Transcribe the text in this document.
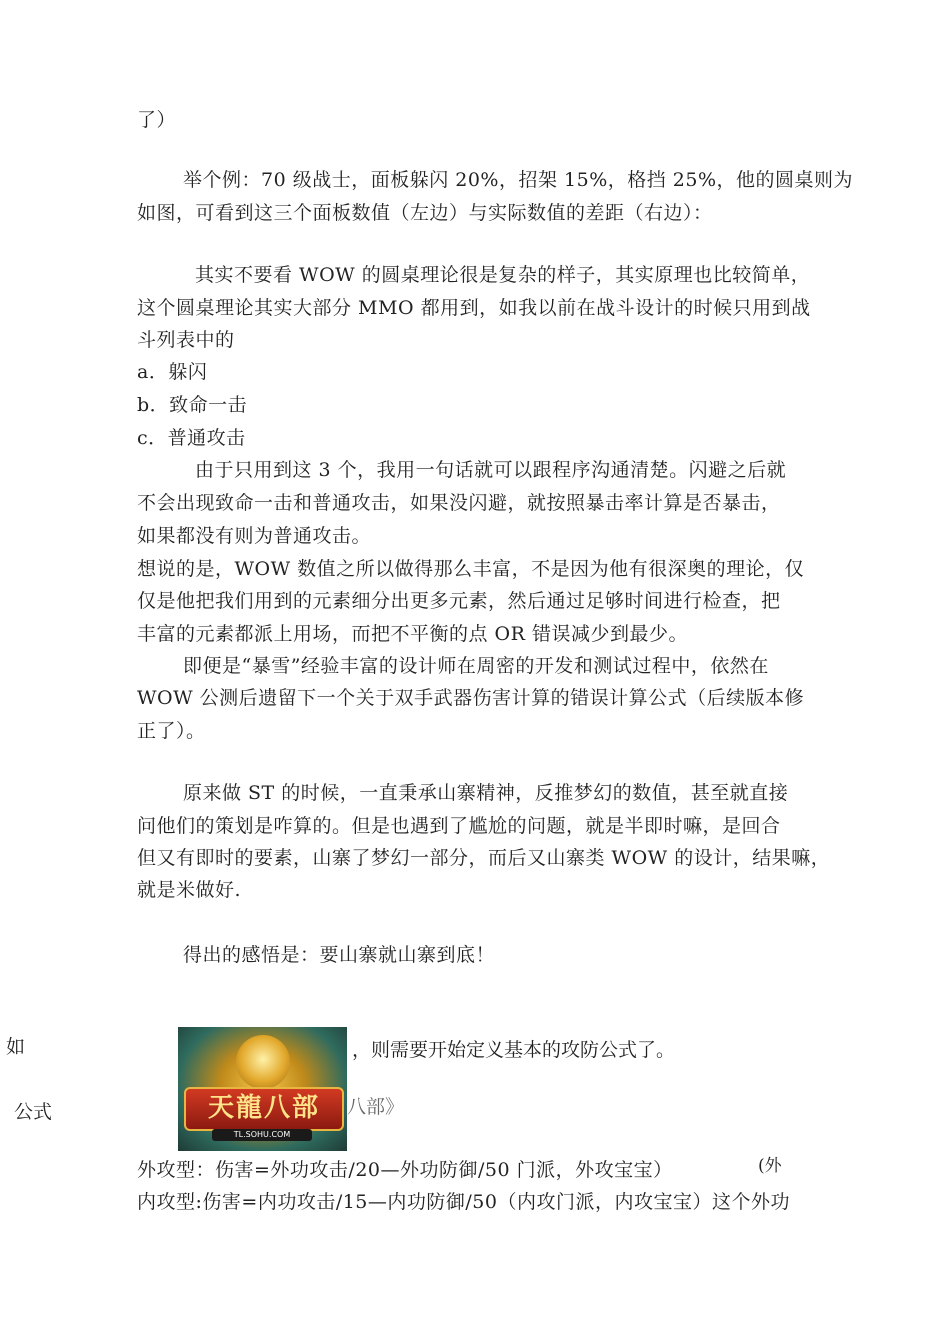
了）
举个例：70 级战士，面板躲闪 20%，招架 15%，格挡 25%，他的圆桌则为
如图，可看到这三个面板数值（左边）与实际数值的差距（右边）：
其实不要看 WOW 的圆桌理论很是复杂的样子，其实原理也比较简单，
这个圆桌理论其实大部分 MMO 都用到，如我以前在战斗设计的时候只用到战
斗列表中的
a．躲闪
b．致命一击
c．普通攻击
由于只用到这 3 个，我用一句话就可以跟程序沟通清楚。闪避之后就
不会出现致命一击和普通攻击，如果没闪避，就按照暴击率计算是否暴击，
如果都没有则为普通攻击。
想说的是，WOW 数值之所以做得那么丰富，不是因为他有很深奥的理论，仅
仅是他把我们用到的元素细分出更多元素，然后通过足够时间进行检查，把
丰富的元素都派上用场，而把不平衡的点 OR 错误减少到最少。
即便是“暴雪”经验丰富的设计师在周密的开发和测试过程中，依然在
WOW 公测后遗留下一个关于双手武器伤害计算的错误计算公式（后续版本修
正了）。
原来做 ST 的时候，一直秉承山寨精神，反推梦幻的数值，甚至就直接
问他们的策划是咋算的。但是也遇到了尴尬的问题，就是半即时嘛，是回合
但又有即时的要素，山寨了梦幻一部分，而后又山寨类 WOW 的设计，结果嘛，
就是米做好.
得出的感悟是：要山寨就山寨到底！
如
公式	天龍八部
TL.SOHU.COM
，则需要开始定义基本的攻防公式了。
八部》
外攻型：伤害=外功攻击/20—外功防御/50 门派，外攻宝宝）	(外
内攻型:伤害=内功攻击/15—内功防御/50（内攻门派，内攻宝宝）这个外功
